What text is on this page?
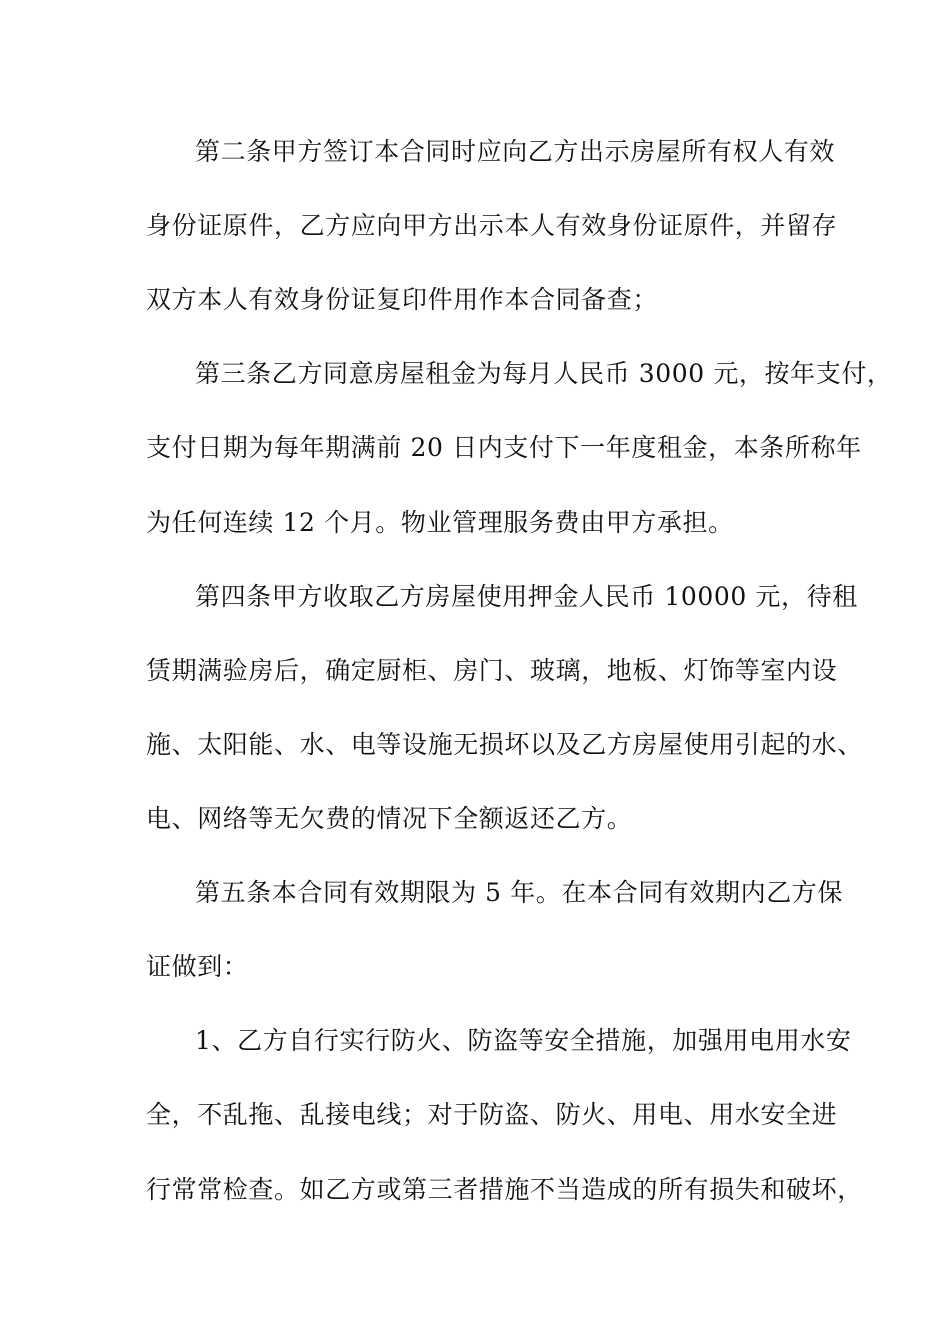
第二条甲方签订本合同时应向乙方出示房屋所有权人有效
身份证原件，乙方应向甲方出示本人有效身份证原件，并留存
双方本人有效身份证复印件用作本合同备查；
第三条乙方同意房屋租金为每月人民币 3000 元，按年支付，
支付日期为每年期满前 20 日内支付下一年度租金，本条所称年
为任何连续 12 个月。物业管理服务费由甲方承担。
第四条甲方收取乙方房屋使用押金人民币 10000 元，待租
赁期满验房后，确定厨柜、房门、玻璃，地板、灯饰等室内设
施、太阳能、水、电等设施无损坏以及乙方房屋使用引起的水、
电、网络等无欠费的情况下全额返还乙方。
第五条本合同有效期限为 5 年。在本合同有效期内乙方保
证做到：
1、乙方自行实行防火、防盗等安全措施，加强用电用水安
全，不乱拖、乱接电线；对于防盗、防火、用电、用水安全进
行常常检查。如乙方或第三者措施不当造成的所有损失和破坏，
